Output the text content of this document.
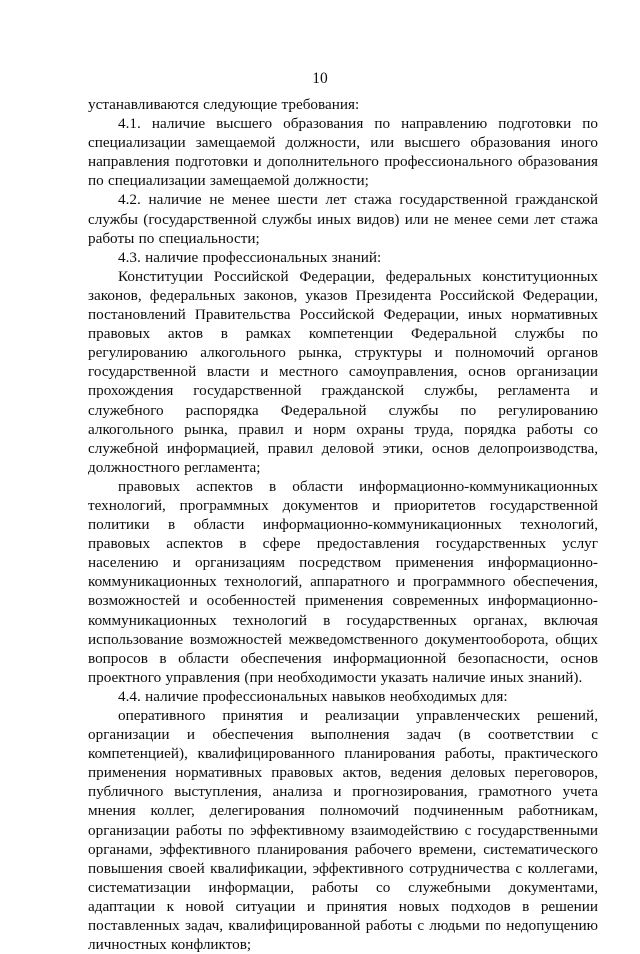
10

устанавливаются следующие требования:

4.1. наличие высшего образования по направлению подготовки по специализации замещаемой должности, или высшего образования иного направления подготовки и дополнительного профессионального образования по специализации замещаемой должности;

4.2. наличие не менее шести лет стажа государственной гражданской службы (государственной службы иных видов) или не менее семи лет стажа работы по специальности;

4.3. наличие профессиональных знаний:

Конституции Российской Федерации, федеральных конституционных законов, федеральных законов, указов Президента Российской Федерации, постановлений Правительства Российской Федерации, иных нормативных правовых актов в рамках компетенции Федеральной службы по регулированию алкогольного рынка, структуры и полномочий органов государственной власти и местного самоуправления, основ организации прохождения государственной гражданской службы, регламента и служебного распорядка Федеральной службы по регулированию алкогольного рынка, правил и норм охраны труда, порядка работы со служебной информацией, правил деловой этики, основ делопроизводства, должностного регламента;

правовых аспектов в области информационно-коммуникационных технологий, программных документов и приоритетов государственной политики в области информационно-коммуникационных технологий, правовых аспектов в сфере предоставления государственных услуг населению и организациям посредством применения информационно-коммуникационных технологий, аппаратного и программного обеспечения, возможностей и особенностей применения современных информационно-коммуникационных технологий в государственных органах, включая использование возможностей межведомственного документооборота, общих вопросов в области обеспечения информационной безопасности, основ проектного управления (при необходимости указать наличие иных знаний).

4.4. наличие профессиональных навыков необходимых для:

оперативного принятия и реализации управленческих решений, организации и обеспечения выполнения задач (в соответствии с компетенцией), квалифицированного планирования работы, практического применения нормативных правовых актов, ведения деловых переговоров, публичного выступления, анализа и прогнозирования, грамотного учета мнения коллег, делегирования полномочий подчиненным работникам, организации работы по эффективному взаимодействию с государственными органами, эффективного планирования рабочего времени, систематического повышения своей квалификации, эффективного сотрудничества с коллегами, систематизации информации, работы со служебными документами, адаптации к новой ситуации и принятия новых подходов в решении поставленных задач, квалифицированной работы с людьми по недопущению личностных конфликтов;
